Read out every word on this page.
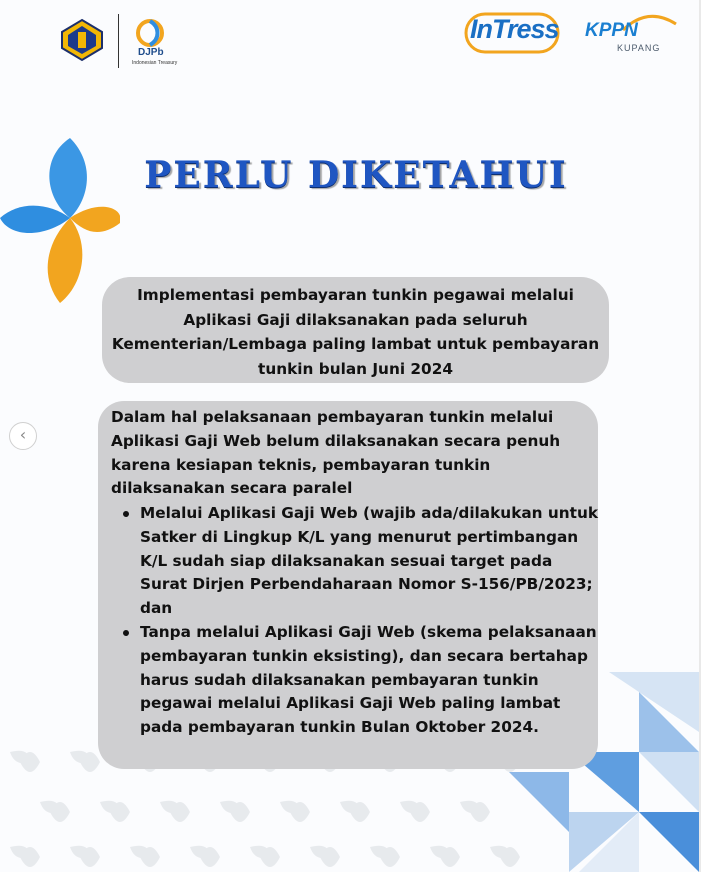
DJPb
Indonesian Treasury
InTress KPPN
KUPANG
PERLU DIKETAHUI

Implementasi pembayaran tunkin pegawai melalui Aplikasi Gaji dilaksanakan pada seluruh Kementerian/Lembaga paling lambat untuk pembayaran tunkin bulan Juni 2024

Dalam hal pelaksanaan pembayaran tunkin melalui Aplikasi Gaji Web belum dilaksanakan secara penuh karena kesiapan teknis, pembayaran tunkin dilaksanakan secara paralel

Melalui Aplikasi Gaji Web (wajib ada/dilakukan untuk Satker di Lingkup K/L yang menurut pertimbangan K/L sudah siap dilaksanakan sesuai target pada Surat Dirjen Perbendaharaan Nomor S-156/PB/2023; dan
Tanpa melalui Aplikasi Gaji Web (skema pelaksanaan pembayaran tunkin eksisting), dan secara bertahap harus sudah dilaksanakan pembayaran tunkin pegawai melalui Aplikasi Gaji Web paling lambat pada pembayaran tunkin Bulan Oktober 2024.
‹
